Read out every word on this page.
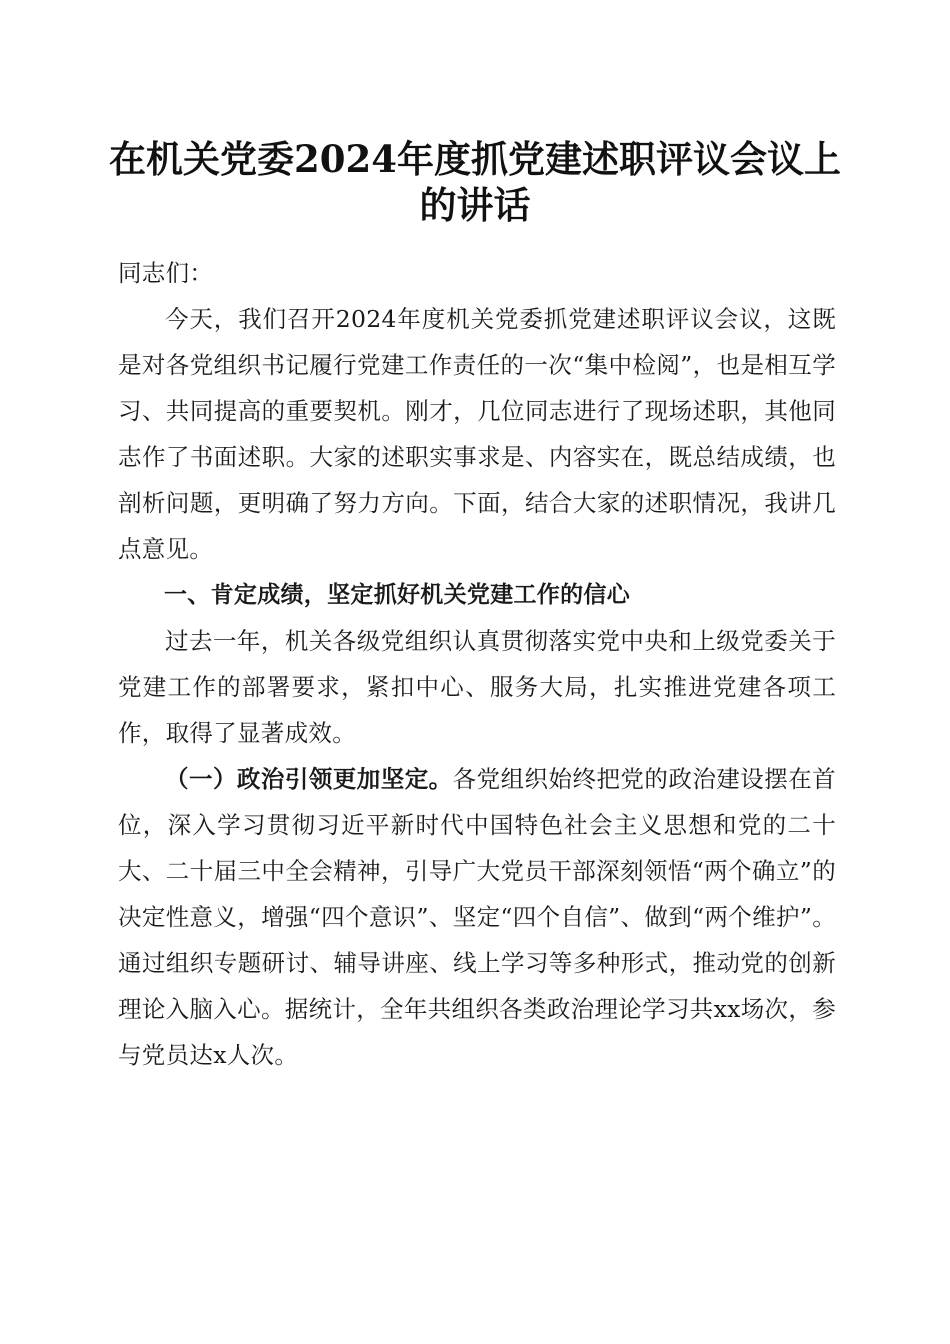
在机关党委2024年度抓党建述职评议会议上的讲话

同志们：

今天，我们召开2024年度机关党委抓党建述职评议会议，这既是对各党组织书记履行党建工作责任的一次“集中检阅”，也是相互学习、共同提高的重要契机。刚才，几位同志进行了现场述职，其他同志作了书面述职。大家的述职实事求是、内容实在，既总结成绩，也剖析问题，更明确了努力方向。下面，结合大家的述职情况，我讲几点意见。

一、肯定成绩，坚定抓好机关党建工作的信心

过去一年，机关各级党组织认真贯彻落实党中央和上级党委关于党建工作的部署要求，紧扣中心、服务大局，扎实推进党建各项工作，取得了显著成效。

（一）政治引领更加坚定。各党组织始终把党的政治建设摆在首位，深入学习贯彻习近平新时代中国特色社会主义思想和党的二十大、二十届三中全会精神，引导广大党员干部深刻领悟“两个确立”的决定性意义，增强“四个意识”、坚定“四个自信”、做到“两个维护”。通过组织专题研讨、辅导讲座、线上学习等多种形式，推动党的创新理论入脑入心。据统计，全年共组织各类政治理论学习共xx场次，参与党员达x人次。
